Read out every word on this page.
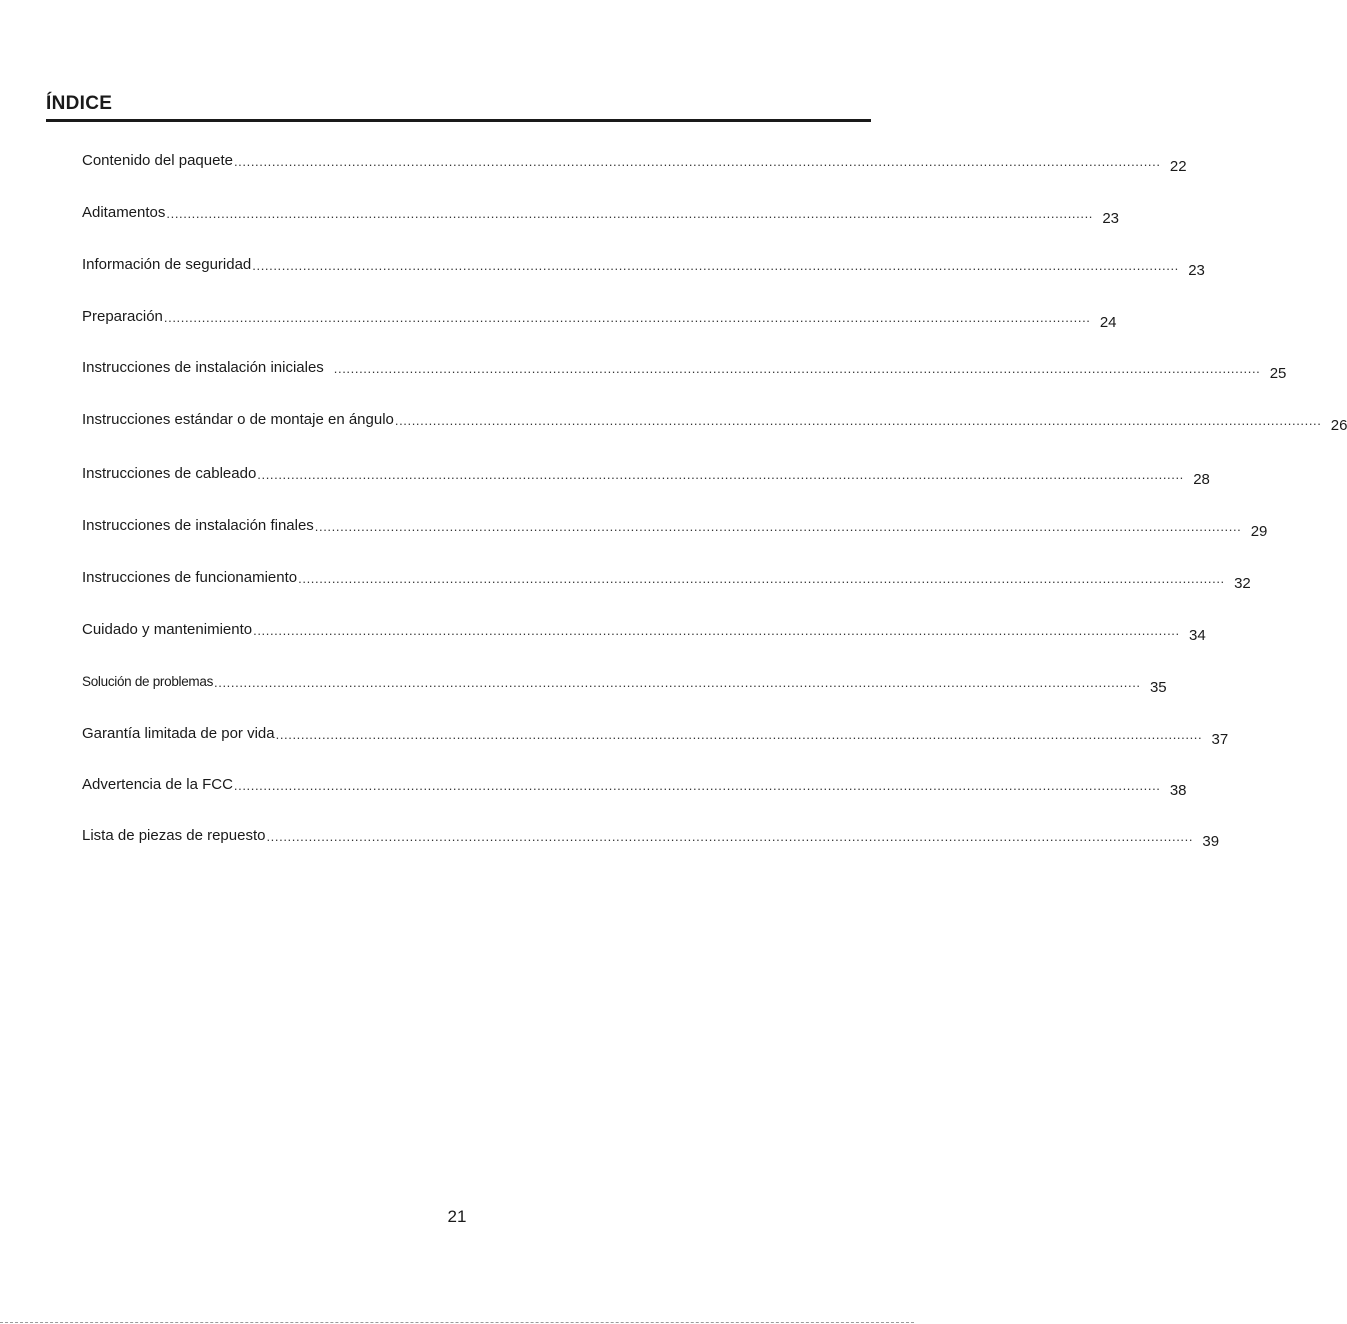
ÍNDICE
Contenido del paquete ............................................................................................................................................................................................................................ 22
Aditamentos ............................................................................................................................................................................................................................ 23
Información de seguridad ............................................................................................................................................................................................................................ 23
Preparación ............................................................................................................................................................................................................................ 24
Instrucciones de instalación iniciales ............................................................................................................................................................................................................................ 25
Instrucciones estándar o de montaje en ángulo ............................................................................................................................................................................................................................ 26
Instrucciones de cableado ............................................................................................................................................................................................................................ 28
Instrucciones de instalación finales ............................................................................................................................................................................................................................ 29
Instrucciones de funcionamiento ............................................................................................................................................................................................................................ 32
Cuidado y mantenimiento ............................................................................................................................................................................................................................ 34
Solución de problemas ............................................................................................................................................................................................................................ 35
Garantía limitada de por vida ............................................................................................................................................................................................................................ 37
Advertencia de la FCC ............................................................................................................................................................................................................................ 38
Lista de piezas de repuesto ............................................................................................................................................................................................................................ 39
21
